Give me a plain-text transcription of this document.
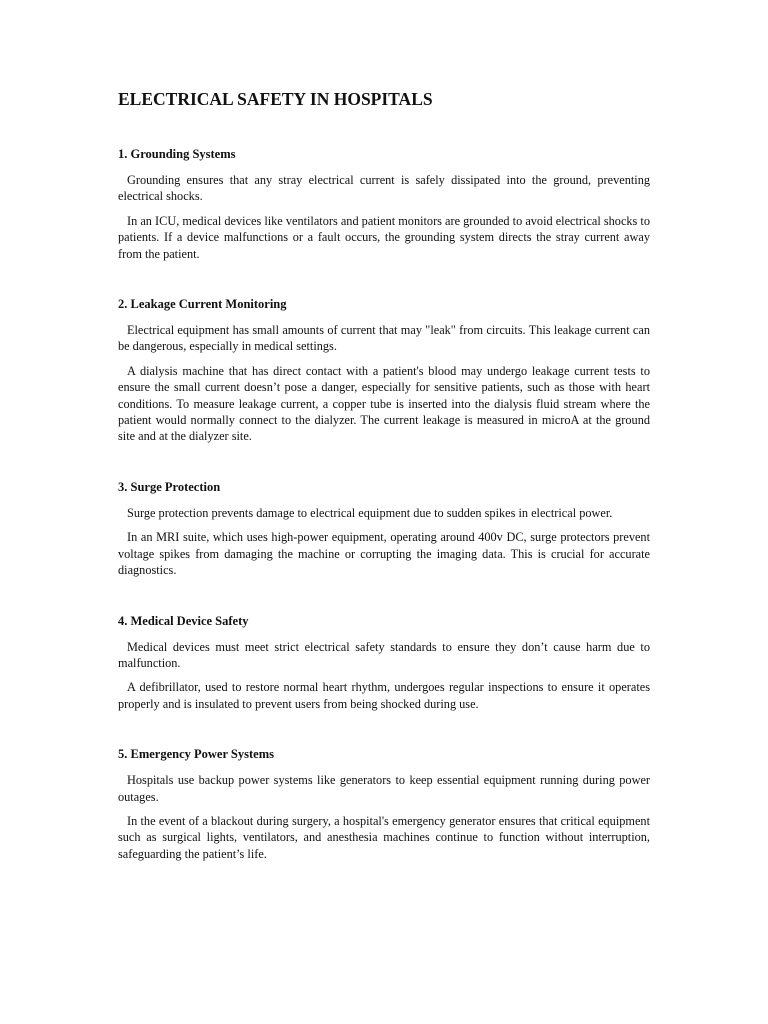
ELECTRICAL SAFETY IN HOSPITALS
1. Grounding Systems

Grounding ensures that any stray electrical current is safely dissipated into the ground, preventing electrical shocks.

In an ICU, medical devices like ventilators and patient monitors are grounded to avoid electrical shocks to patients. If a device malfunctions or a fault occurs, the grounding system directs the stray current away from the patient.

2. Leakage Current Monitoring

Electrical equipment has small amounts of current that may "leak" from circuits. This leakage current can be dangerous, especially in medical settings.

A dialysis machine that has direct contact with a patient's blood may undergo leakage current tests to ensure the small current doesn’t pose a danger, especially for sensitive patients, such as those with heart conditions. To measure leakage current, a copper tube is inserted into the dialysis fluid stream where the patient would normally connect to the dialyzer. The current leakage is measured in microA at the ground site and at the dialyzer site.

3. Surge Protection

Surge protection prevents damage to electrical equipment due to sudden spikes in electrical power.

In an MRI suite, which uses high-power equipment, operating around 400v DC, surge protectors prevent voltage spikes from damaging the machine or corrupting the imaging data. This is crucial for accurate diagnostics.

4. Medical Device Safety

Medical devices must meet strict electrical safety standards to ensure they don’t cause harm due to malfunction.

A defibrillator, used to restore normal heart rhythm, undergoes regular inspections to ensure it operates properly and is insulated to prevent users from being shocked during use.

5. Emergency Power Systems

Hospitals use backup power systems like generators to keep essential equipment running during power outages.

In the event of a blackout during surgery, a hospital's emergency generator ensures that critical equipment such as surgical lights, ventilators, and anesthesia machines continue to function without interruption, safeguarding the patient’s life.
